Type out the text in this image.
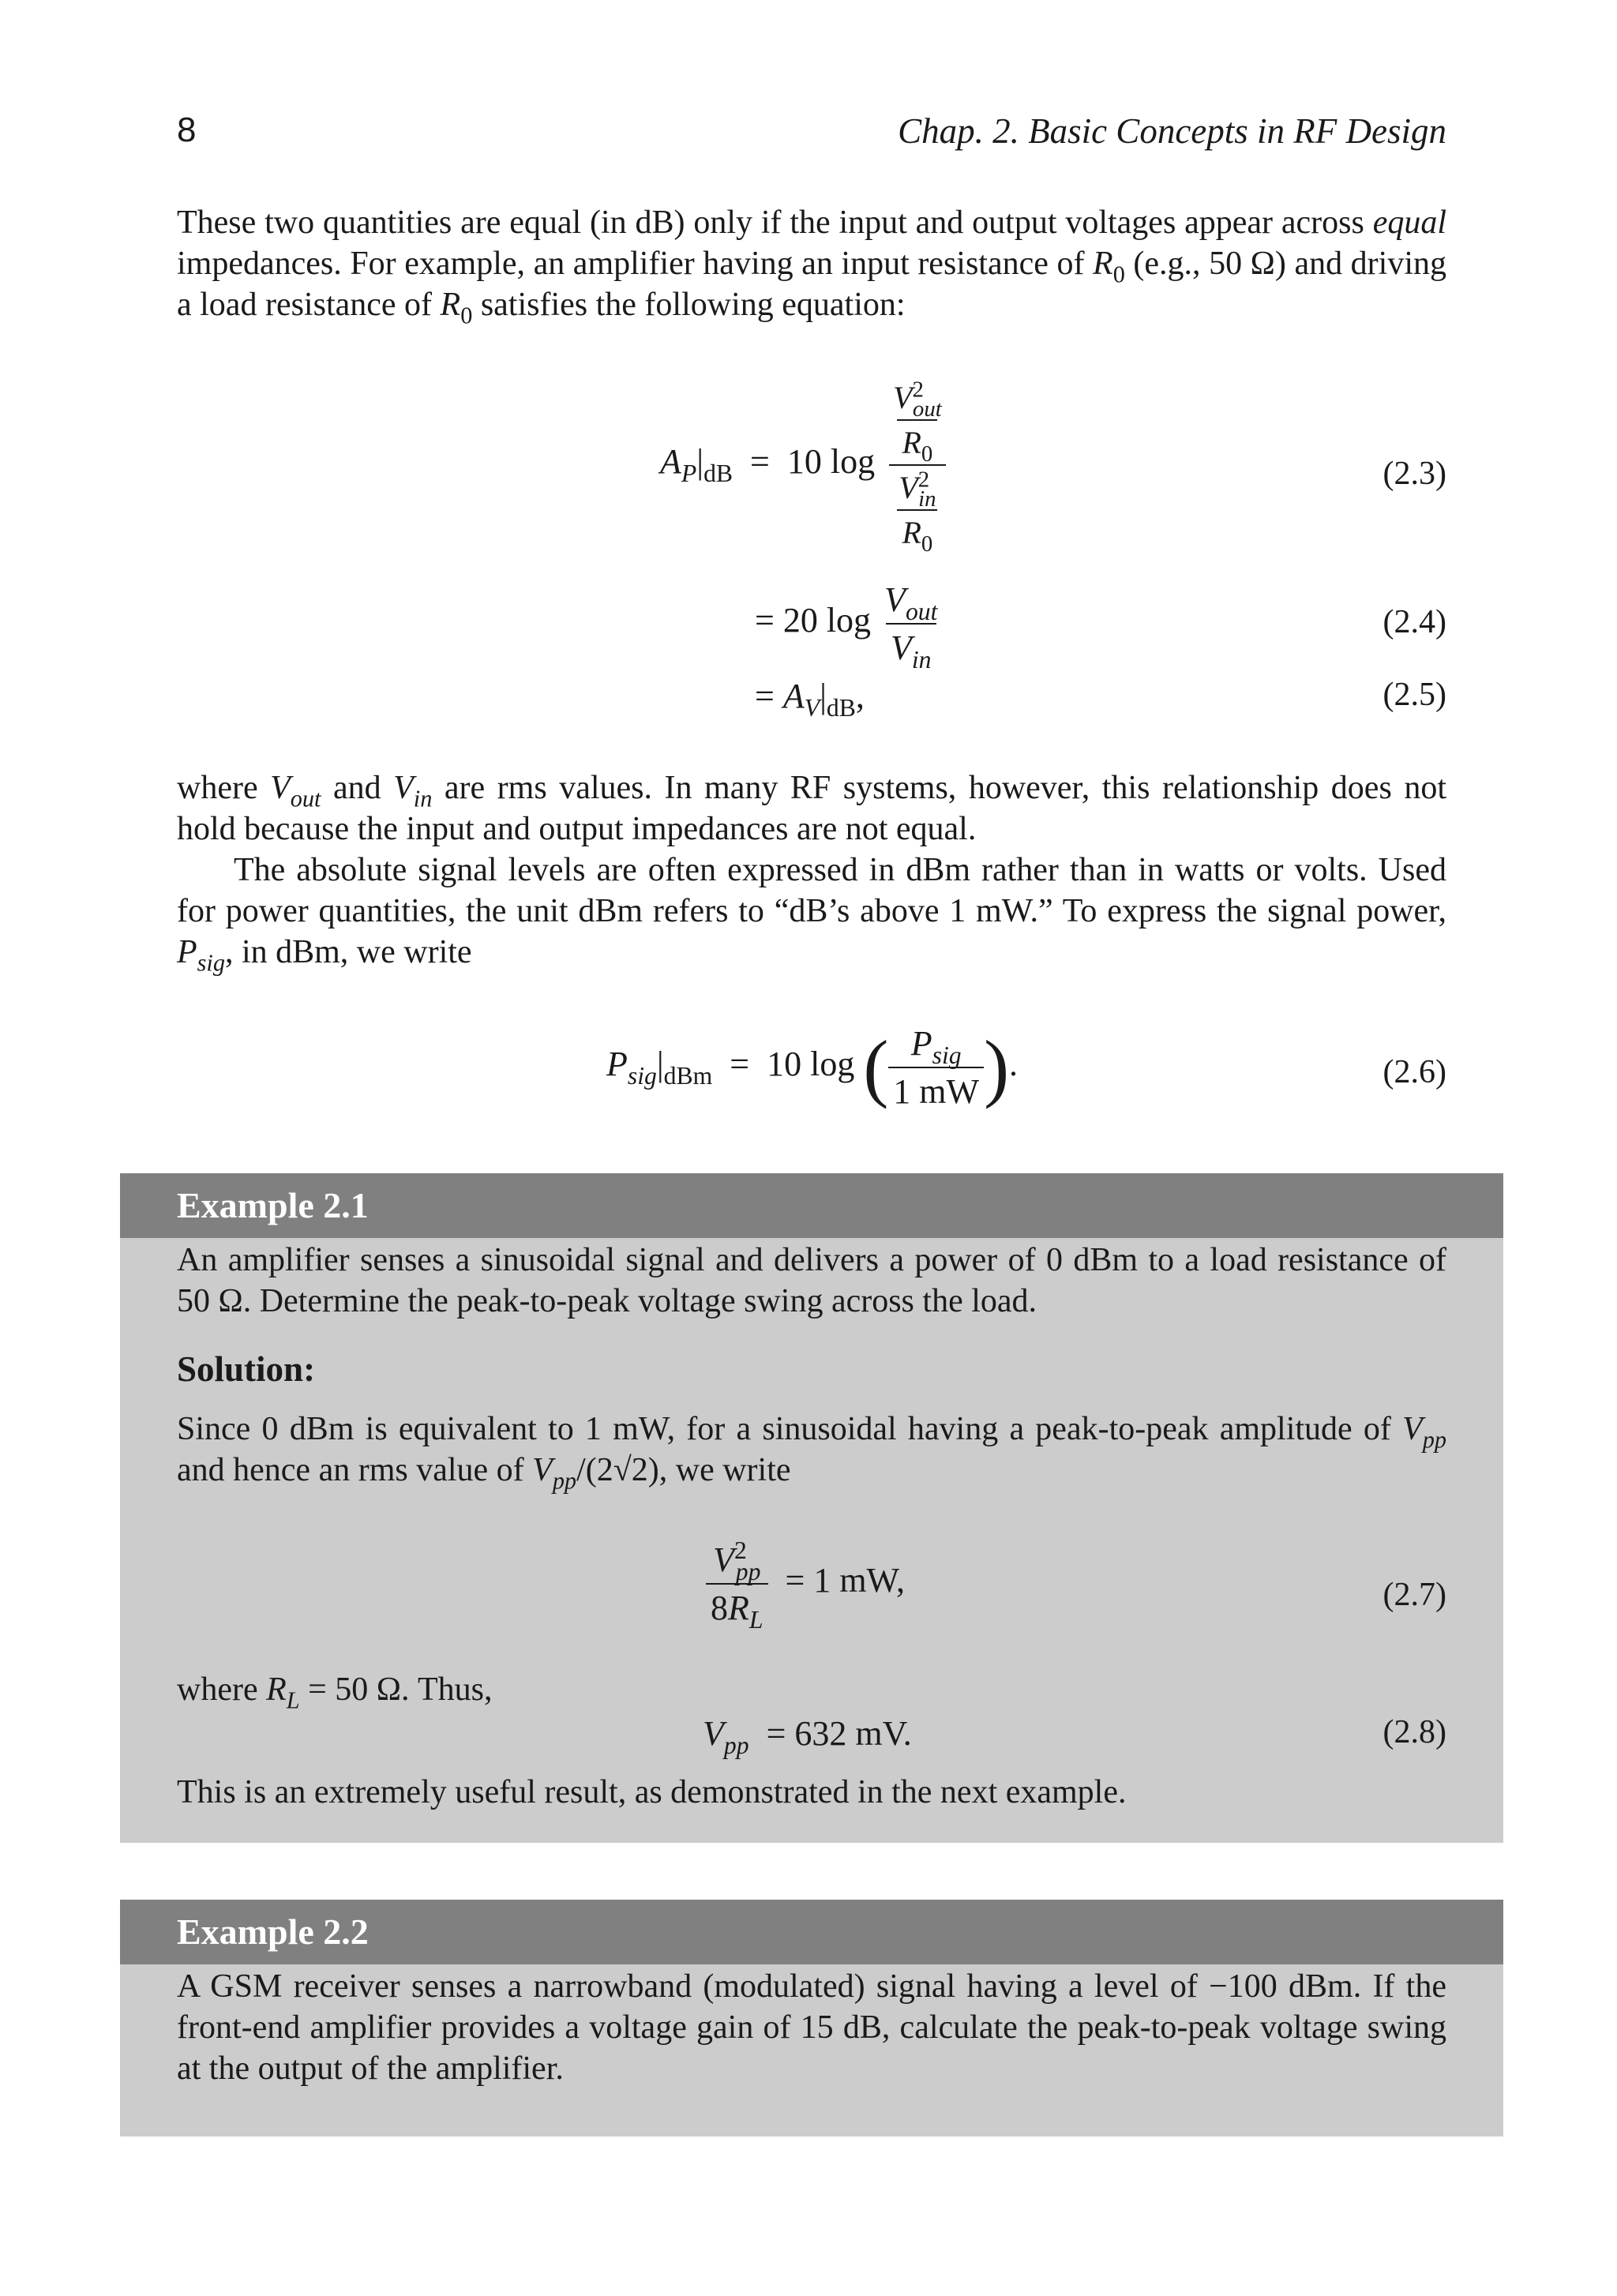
8	Chap. 2. Basic Concepts in RF Design

These two quantities are equal (in dB) only if the input and output voltages appear across equal impedances. For example, an amplifier having an input resistance of $R_0$ (e.g., 50 Ω) and driving a load resistance of $R_0$ satisfies the following equation:

$A_P|_{dB} = 10$ $\log \frac{\frac{V^2_{out}}{R_0}}{\frac{V^2_{in}}{R_0}}$	(2.3)
= 20 $\log \frac{V_{out}}{V_{in}}$	(2.4)
= $A_V|_{dB}$,	(2.5)

where $V_{out}$ and $V_{in}$ are rms values. In many RF systems, however, this relationship does not hold because the input and output impedances are not equal.

The absolute signal levels are often expressed in dBm rather than in watts or volts. Used for power quantities, the unit dBm refers to “dB’s above 1 mW.” To express the signal power, $P_{sig}$, in dBm, we write

$P_{sig}|_{dBm} = 10$ log ( $\frac{P_{sig}}{1 mW}$ ).	(2.6)
Example 2.1

An amplifier senses a sinusoidal signal and delivers a power of 0 dBm to a load resistance of 50 Ω. Determine the peak-to-peak voltage swing across the load.

Solution:

Since 0 dBm is equivalent to 1 mW, for a sinusoidal having a peak-to-peak amplitude of $V_{pp}$ and hence an rms value of $V_{pp}/(2√2)$, we write

$\frac{V^2_{pp}}{8R_L} = 1$ mW,	(2.7)
where $R_L = 50$ Ω. Thus,
$V_{pp} = 632$ mV.	(2.8)
This is an extremely useful result, as demonstrated in the next example.
Example 2.2

A GSM receiver senses a narrowband (modulated) signal having a level of −100 dBm. If the front-end amplifier provides a voltage gain of 15 dB, calculate the peak-to-peak voltage swing at the output of the amplifier.
